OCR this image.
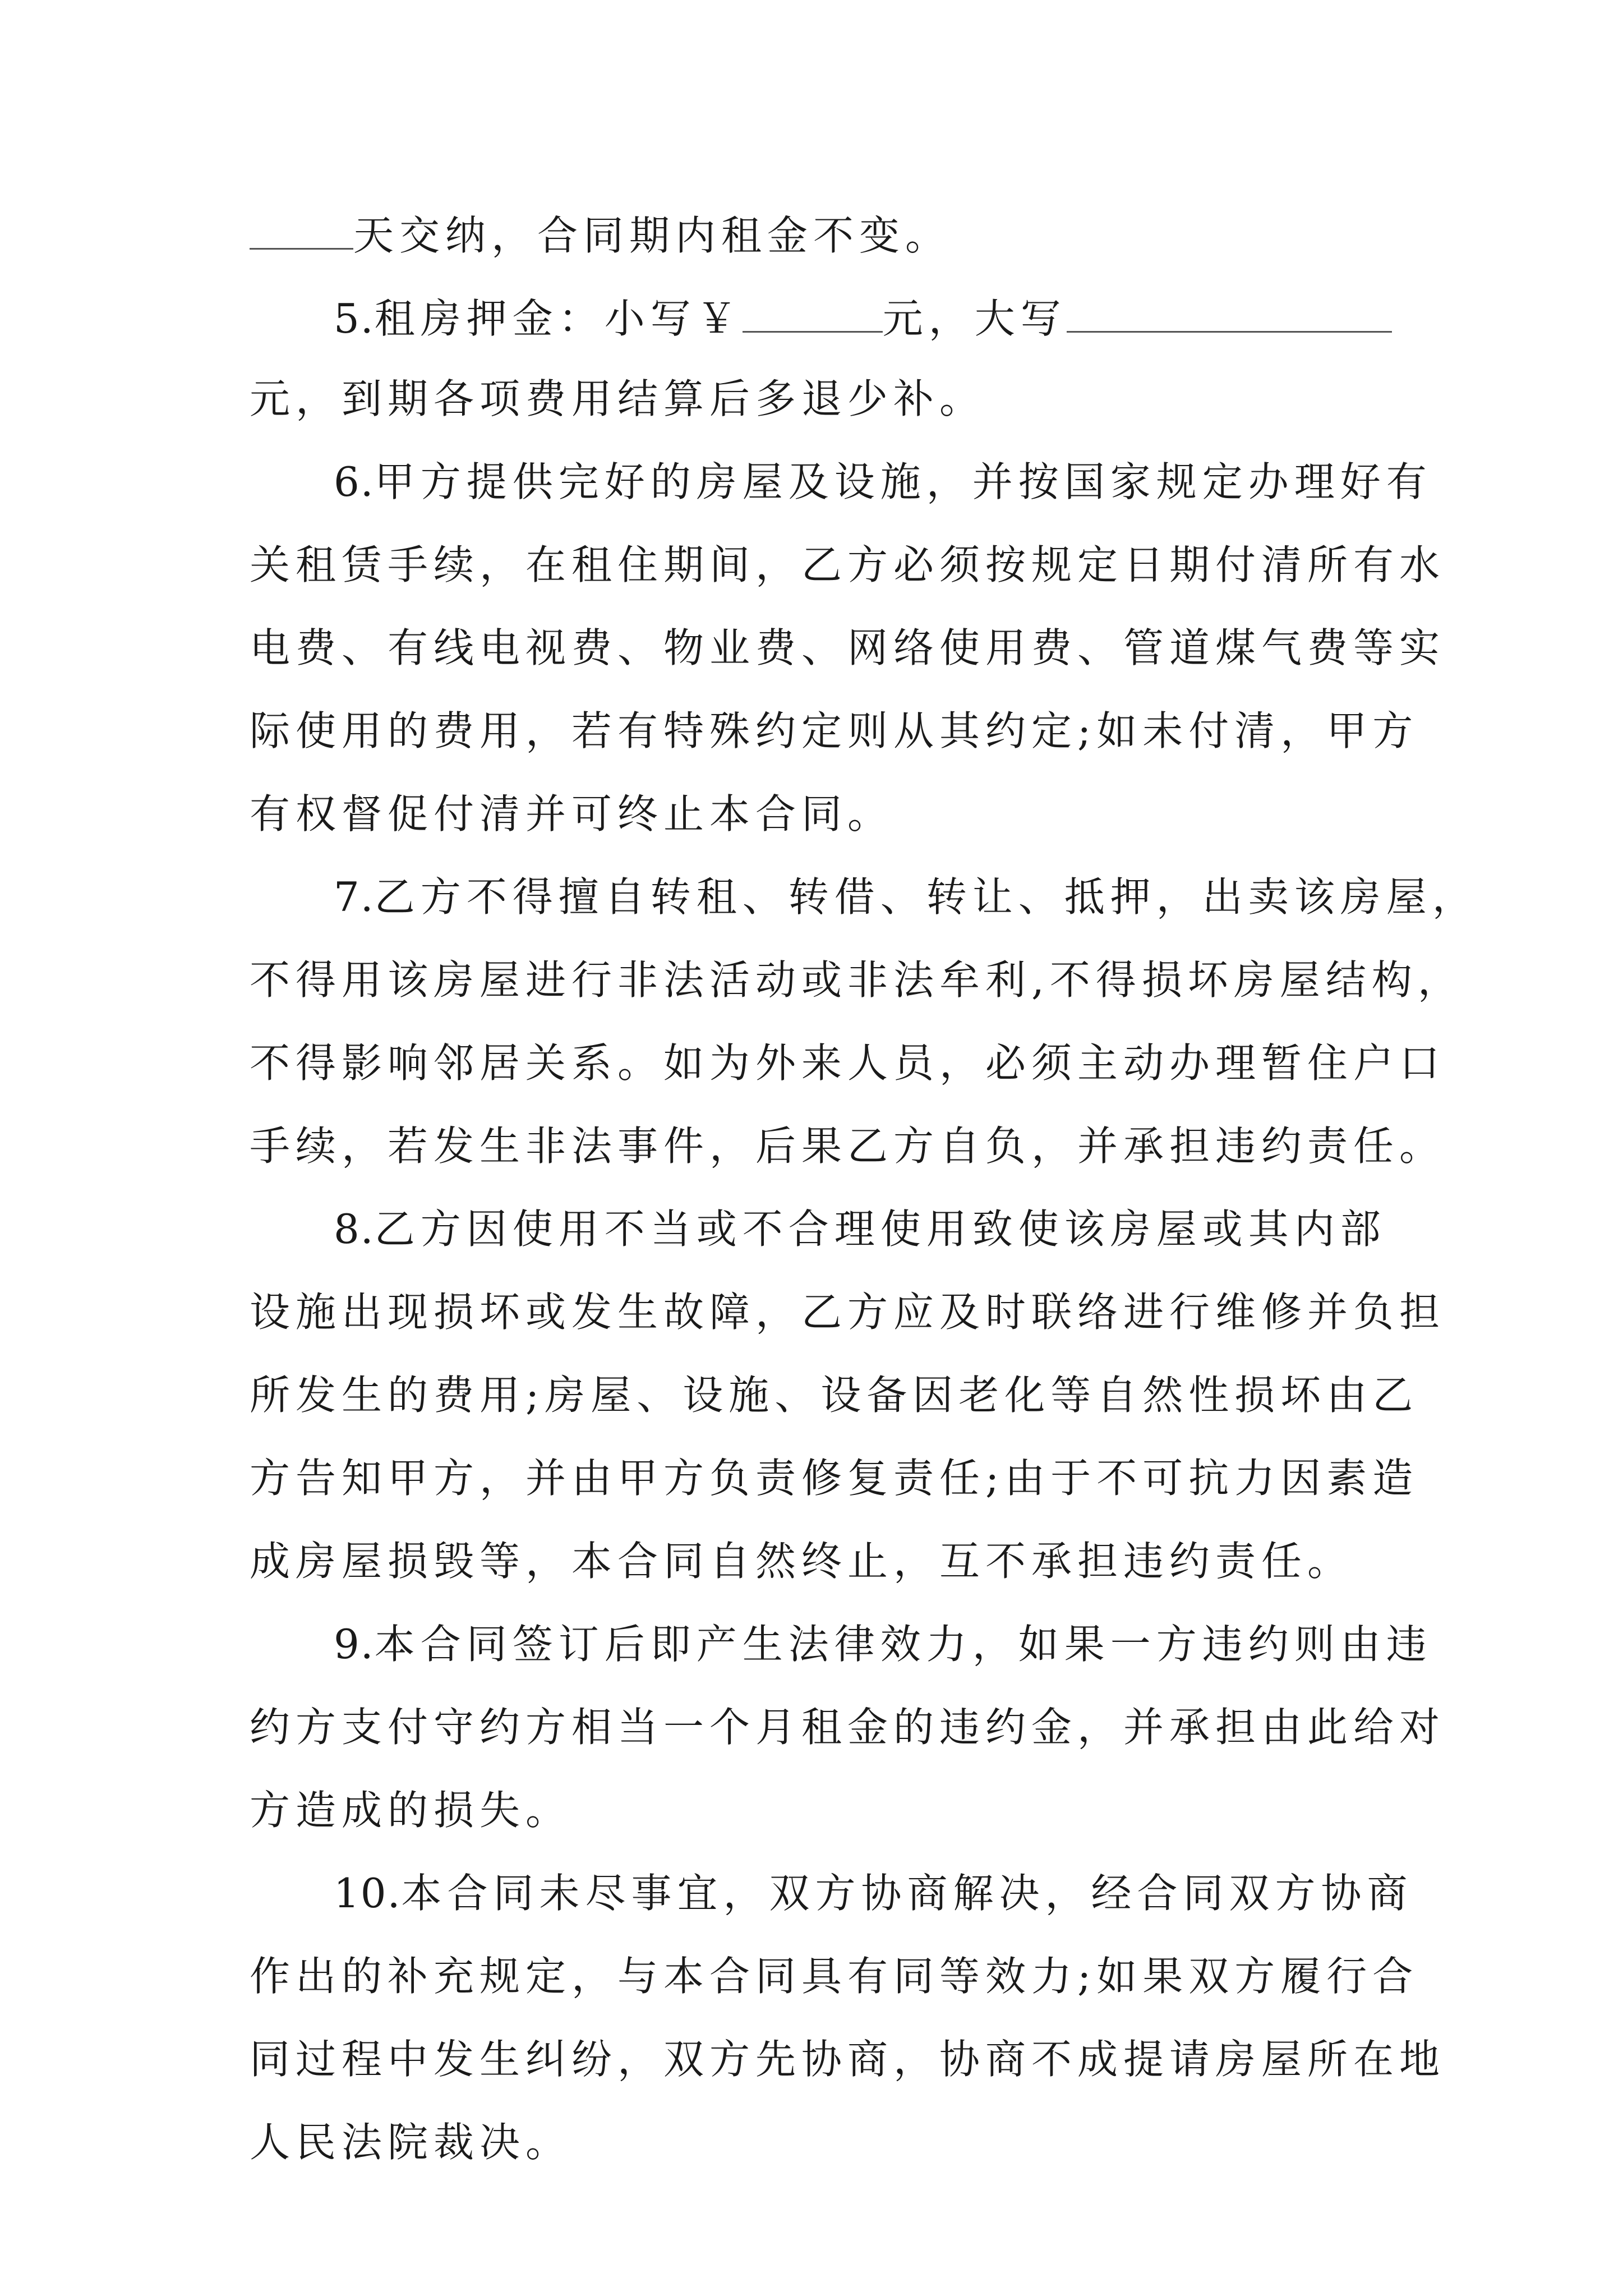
天交纳，合同期内租金不变。
5.租房押金：小写￥	元，大写
元，到期各项费用结算后多退少补。
6.甲方提供完好的房屋及设施，并按国家规定办理好有
关租赁手续，在租住期间，乙方必须按规定日期付清所有水
电费、有线电视费、物业费、网络使用费、管道煤气费等实
际使用的费用，若有特殊约定则从其约定;如未付清，甲方
有权督促付清并可终止本合同。
7.乙方不得擅自转租、转借、转让、抵押，出卖该房屋，
不得用该房屋进行非法活动或非法牟利,不得损坏房屋结构，
不得影响邻居关系。如为外来人员，必须主动办理暂住户口
手续，若发生非法事件，后果乙方自负，并承担违约责任。
8.乙方因使用不当或不合理使用致使该房屋或其内部
设施出现损坏或发生故障，乙方应及时联络进行维修并负担
所发生的费用;房屋、设施、设备因老化等自然性损坏由乙
方告知甲方，并由甲方负责修复责任;由于不可抗力因素造
成房屋损毁等，本合同自然终止，互不承担违约责任。
9.本合同签订后即产生法律效力，如果一方违约则由违
约方支付守约方相当一个月租金的违约金，并承担由此给对
方造成的损失。
10.本合同未尽事宜，双方协商解决，经合同双方协商
作出的补充规定，与本合同具有同等效力;如果双方履行合
同过程中发生纠纷，双方先协商，协商不成提请房屋所在地
人民法院裁决。
